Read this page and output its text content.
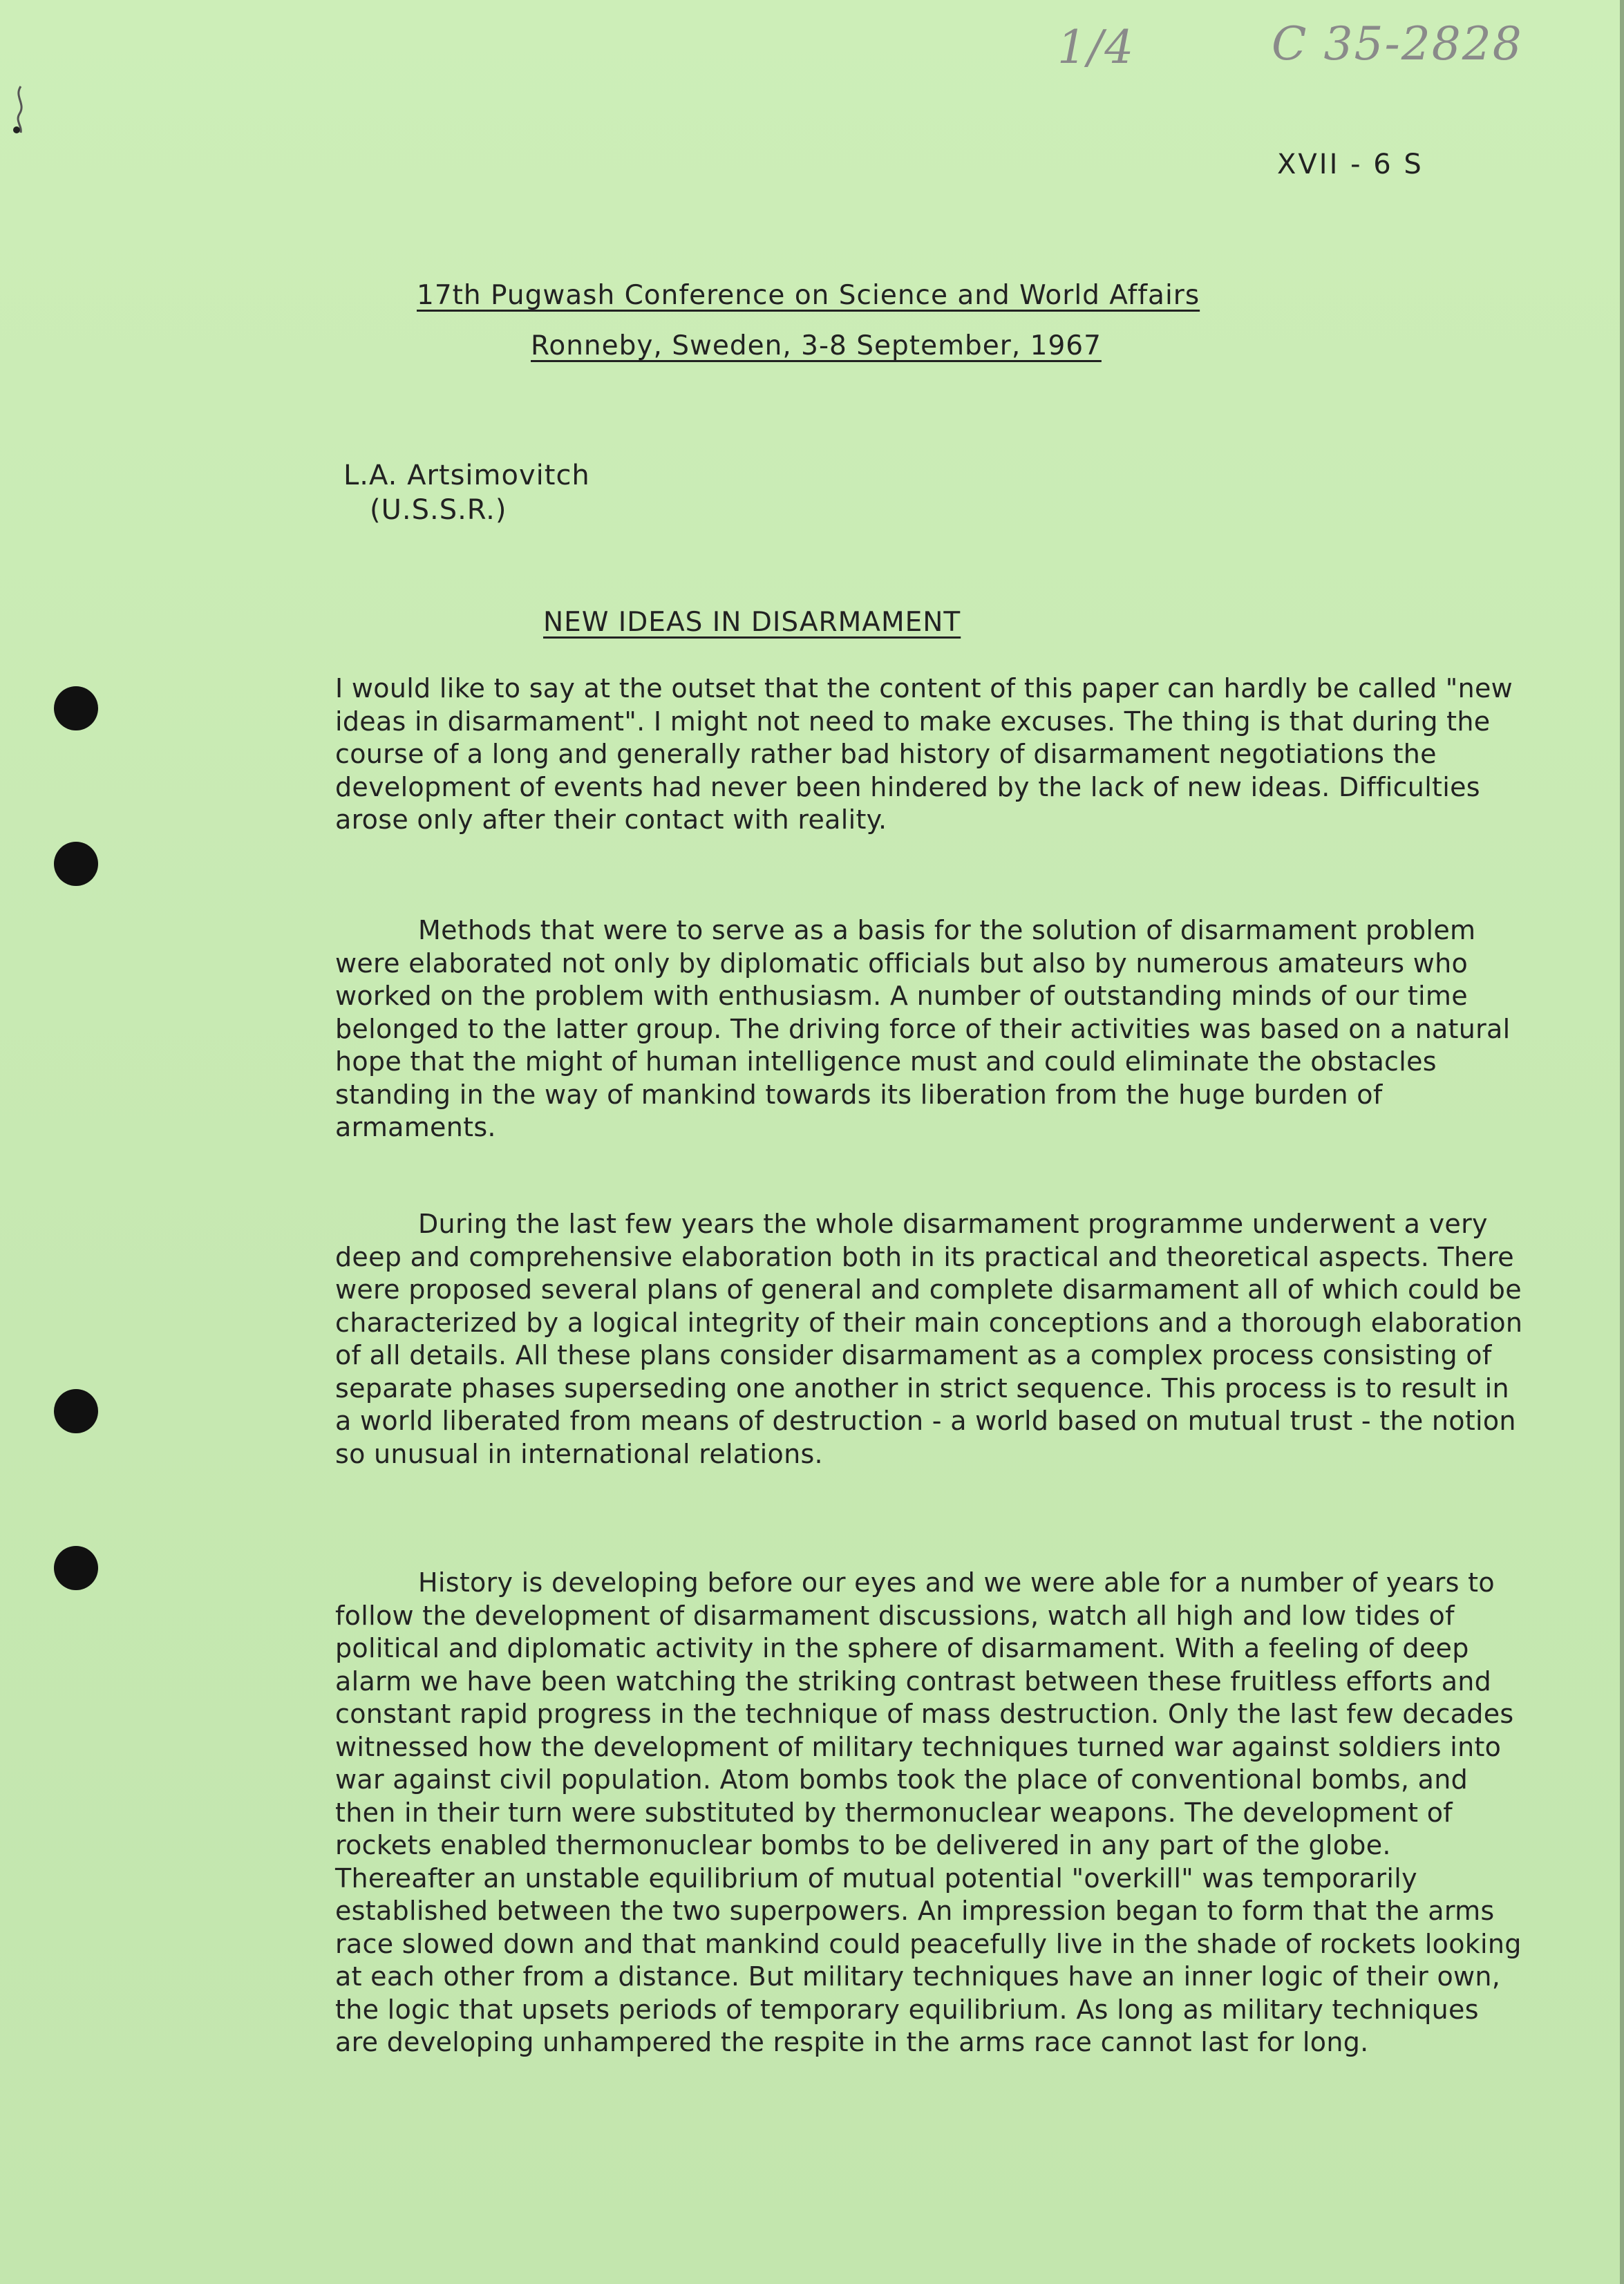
1/4	C 35-2828
XVII - 6 S
17th Pugwash Conference on Science and World Affairs
Ronneby, Sweden, 3-8 September, 1967
L.A. Artsimovitch
(U.S.S.R.)
NEW IDEAS IN DISARMAMENT

I would like to say at the outset that the content of this paper can hardly be called "new ideas in disarmament". I might not need to make excuses. The thing is that during the course of a long and generally rather bad history of disarmament negotiations the development of events had never been hindered by the lack of new ideas. Difficulties arose only after their contact with reality.

Methods that were to serve as a basis for the solution of disarmament problem were elaborated not only by diplomatic officials but also by numerous amateurs who worked on the problem with enthusiasm. A number of outstanding minds of our time belonged to the latter group. The driving force of their activities was based on a natural hope that the might of human intelligence must and could eliminate the obstacles standing in the way of mankind towards its liberation from the huge burden of armaments.

During the last few years the whole disarmament programme underwent a very deep and comprehensive elaboration both in its practical and theoretical aspects. There were proposed several plans of general and complete disarmament all of which could be characterized by a logical integrity of their main conceptions and a thorough elaboration of all details. All these plans consider disarmament as a complex process consisting of separate phases superseding one another in strict sequence. This process is to result in a world liberated from means of destruction - a world based on mutual trust - the notion so unusual in international relations.

History is developing before our eyes and we were able for a number of years to follow the development of disarmament discussions, watch all high and low tides of political and diplomatic activity in the sphere of disarmament. With a feeling of deep alarm we have been watching the striking contrast between these fruitless efforts and constant rapid progress in the technique of mass destruction. Only the last few decades witnessed how the development of military techniques turned war against soldiers into war against civil population. Atom bombs took the place of conventional bombs, and then in their turn were substituted by thermonuclear weapons. The development of rockets enabled thermonuclear bombs to be delivered in any part of the globe. Thereafter an unstable equilibrium of mutual potential "overkill" was temporarily established between the two superpowers. An impression began to form that the arms race slowed down and that mankind could peacefully live in the shade of rockets looking at each other from a distance. But military techniques have an inner logic of their own, the logic that upsets periods of temporary equilibrium. As long as military techniques are developing unhampered the respite in the arms race cannot last for long.
